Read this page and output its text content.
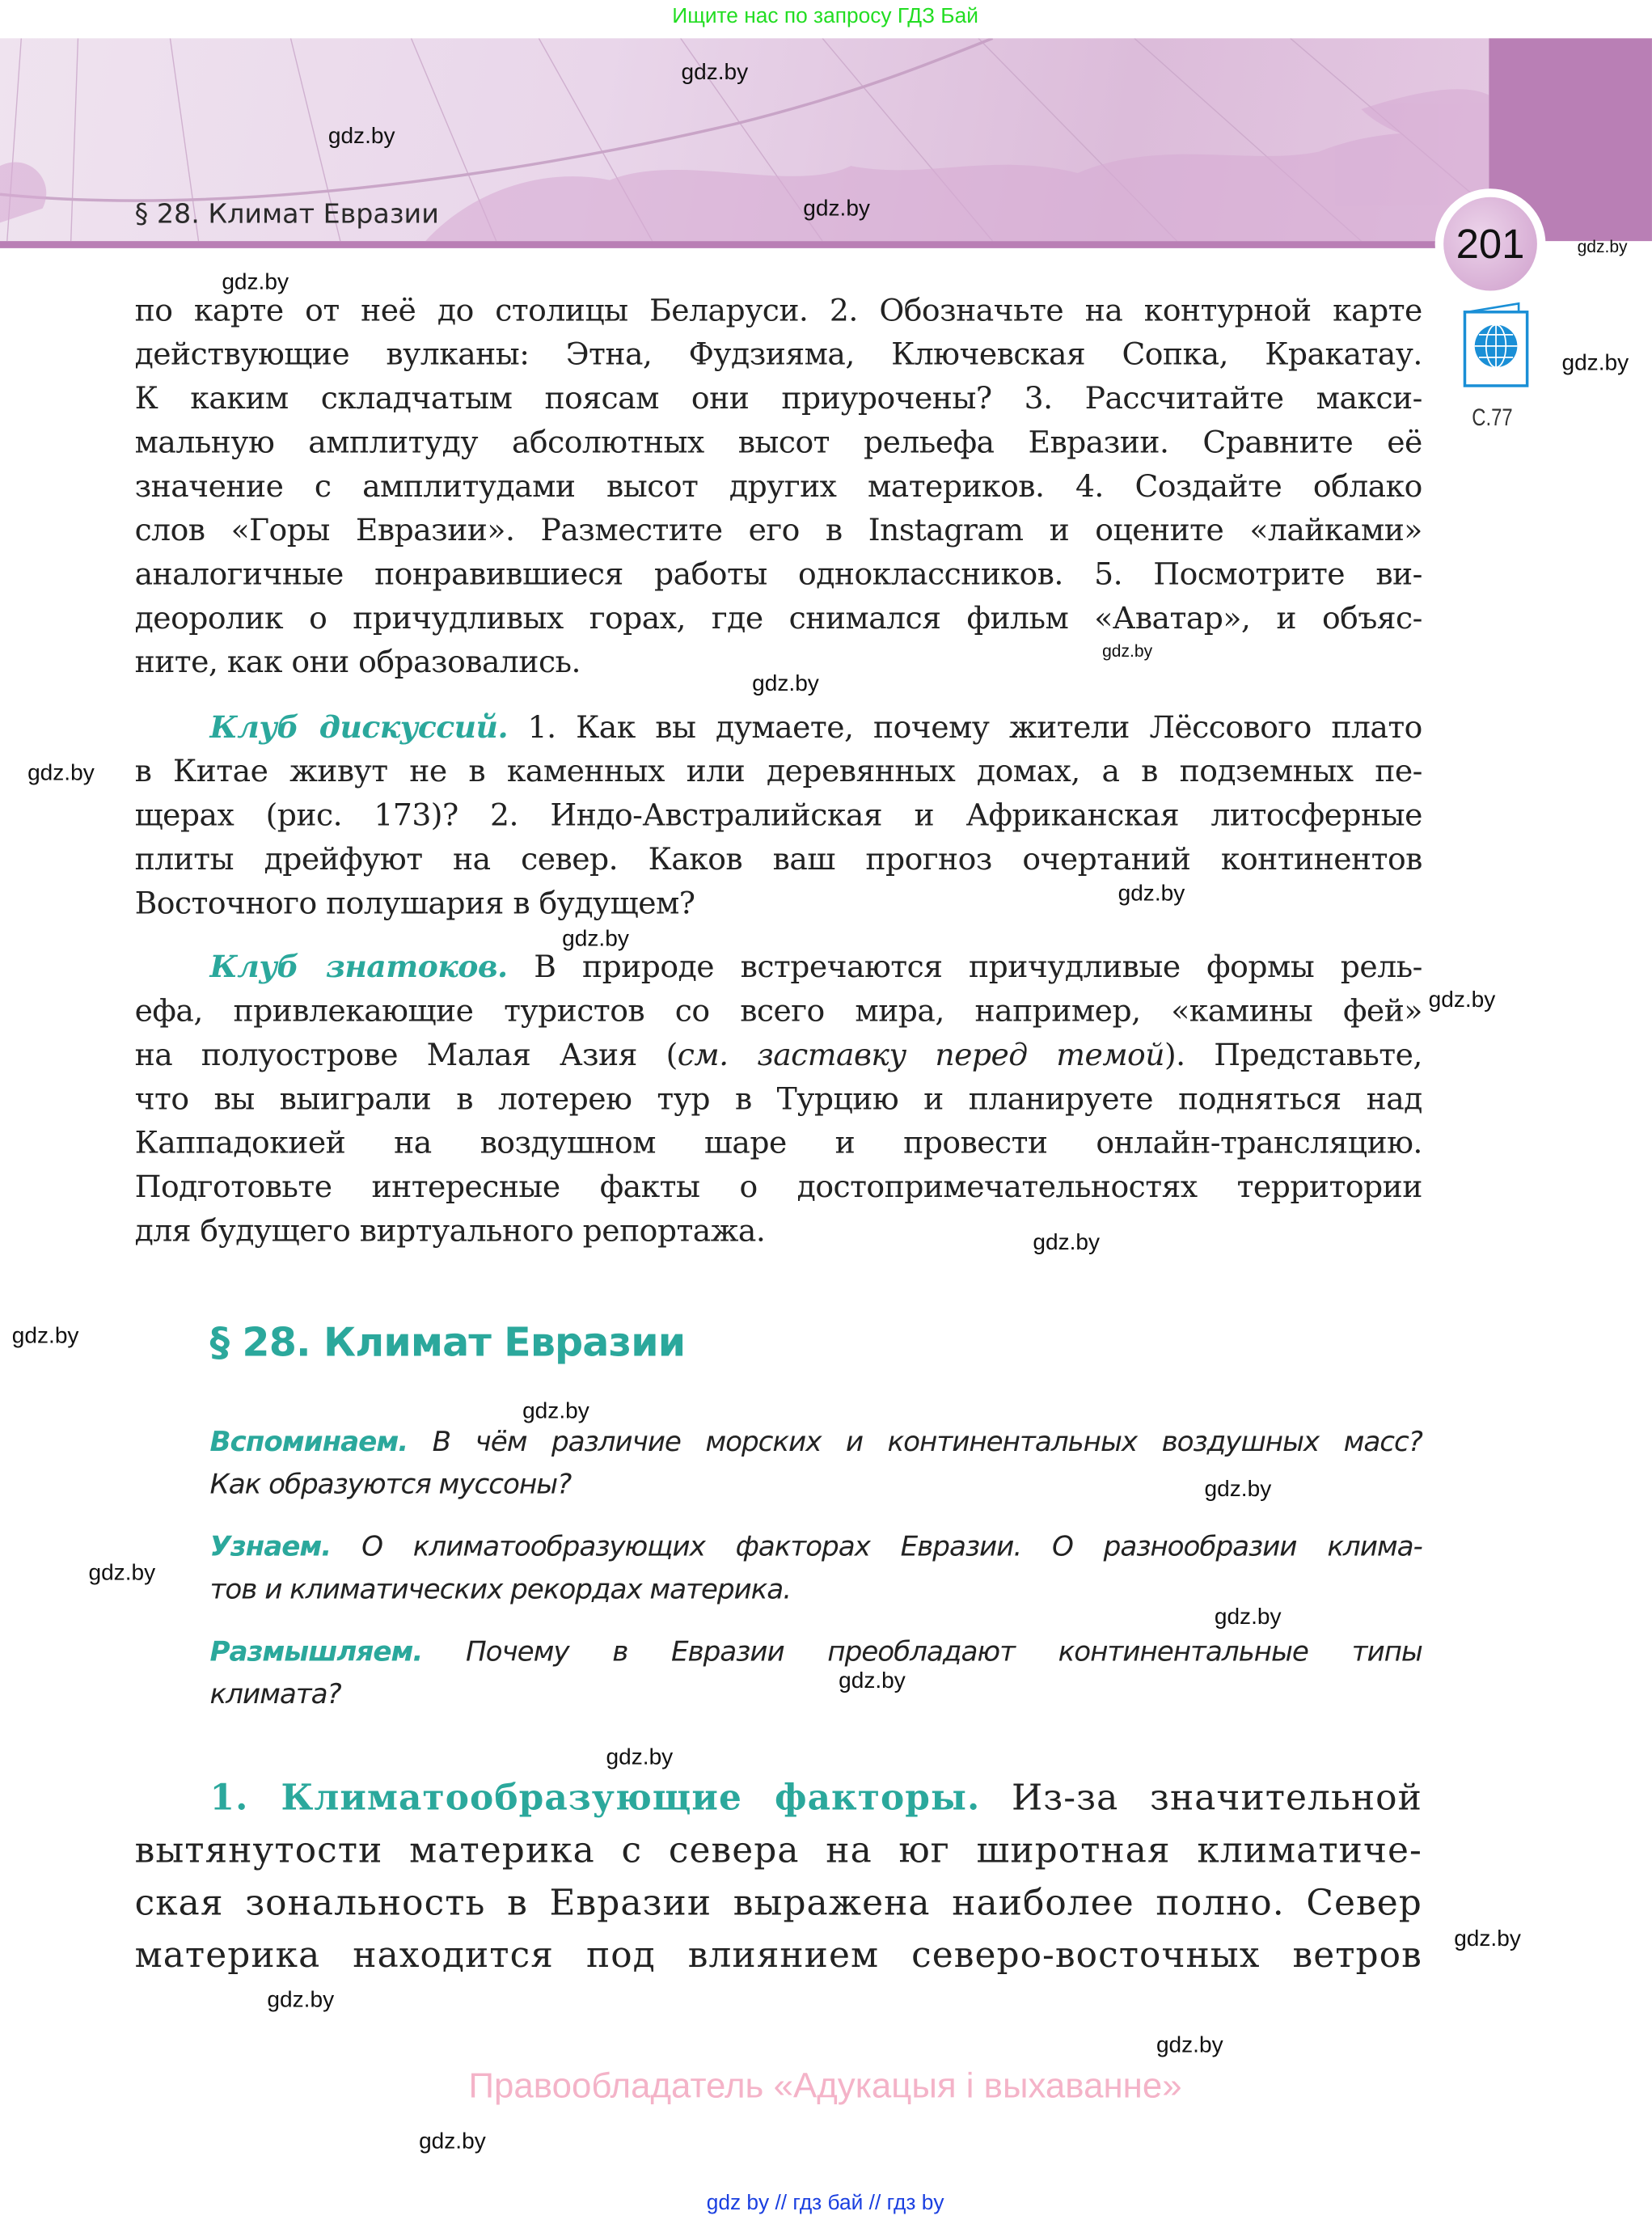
Ищите нас по запросу ГДЗ Бай
§ 28. Климат Евразии
201
С.77
по карте от неё до столицы Беларуси. 2. Обозначьте на контурной карте
действующие вулканы: Этна, Фудзияма, Ключевская Сопка, Кракатау.
К каким складчатым поясам они приурочены? 3. Рассчитайте макси-
мальную амплитуду абсолютных высот рельефа Евразии. Сравните её
значение с амплитудами высот других материков. 4. Создайте облако
слов «Горы Евразии». Разместите его в Instagram и оцените «лайками»
аналогичные понравившиеся работы одноклассников. 5. Посмотрите ви-
деоролик о причудливых горах, где снимался фильм «Аватар», и объяс-
ните, как они образовались.
Клуб дискуссий. 1. Как вы думаете, почему жители Лёссового плато
в Китае живут не в каменных или деревянных домах, а в подземных пе-
щерах (рис. 173)? 2. Индо-Австралийская и Африканская литосферные
плиты дрейфуют на север. Каков ваш прогноз очертаний континентов
Восточного полушария в будущем?
Клуб знатоков. В природе встречаются причудливые формы рель-
ефа, привлекающие туристов со всего мира, например, «камины фей»
на полуострове Малая Азия (см. заставку перед темой). Представьте,
что вы выиграли в лотерею тур в Турцию и планируете подняться над
Каппадокией на воздушном шаре и провести онлайн-трансляцию.
Подготовьте интересные факты о достопримечательностях территории
для будущего виртуального репортажа.
§ 28. Климат Евразии
Вспоминаем. В чём различие морских и континентальных воздушных масс?
Как образуются муссоны?
Узнаем. О климатообразующих факторах Евразии. О разнообразии клима-
тов и климатических рекордах материка.
Размышляем. Почему в Евразии преобладают континентальные типы
климата?
1. Климатообразующие факторы. Из-за значительной
вытянутости материка с севера на юг широтная климатиче-
ская зональность в Евразии выражена наиболее полно. Север
материка находится под влиянием северо-восточных ветров
gdz.by
gdz.by
gdz.by
gdz.by
gdz.by
gdz.by
gdz.by
gdz.by
gdz.by
gdz.by
gdz.by
gdz.by
gdz.by
gdz.by
gdz.by
gdz.by
gdz.by
gdz.by
gdz.by
gdz.by
gdz.by
gdz.by
gdz.by
gdz.by
Правообладатель «Адукацыя і выхаванне»
gdz by // гдз бай // гдз by
